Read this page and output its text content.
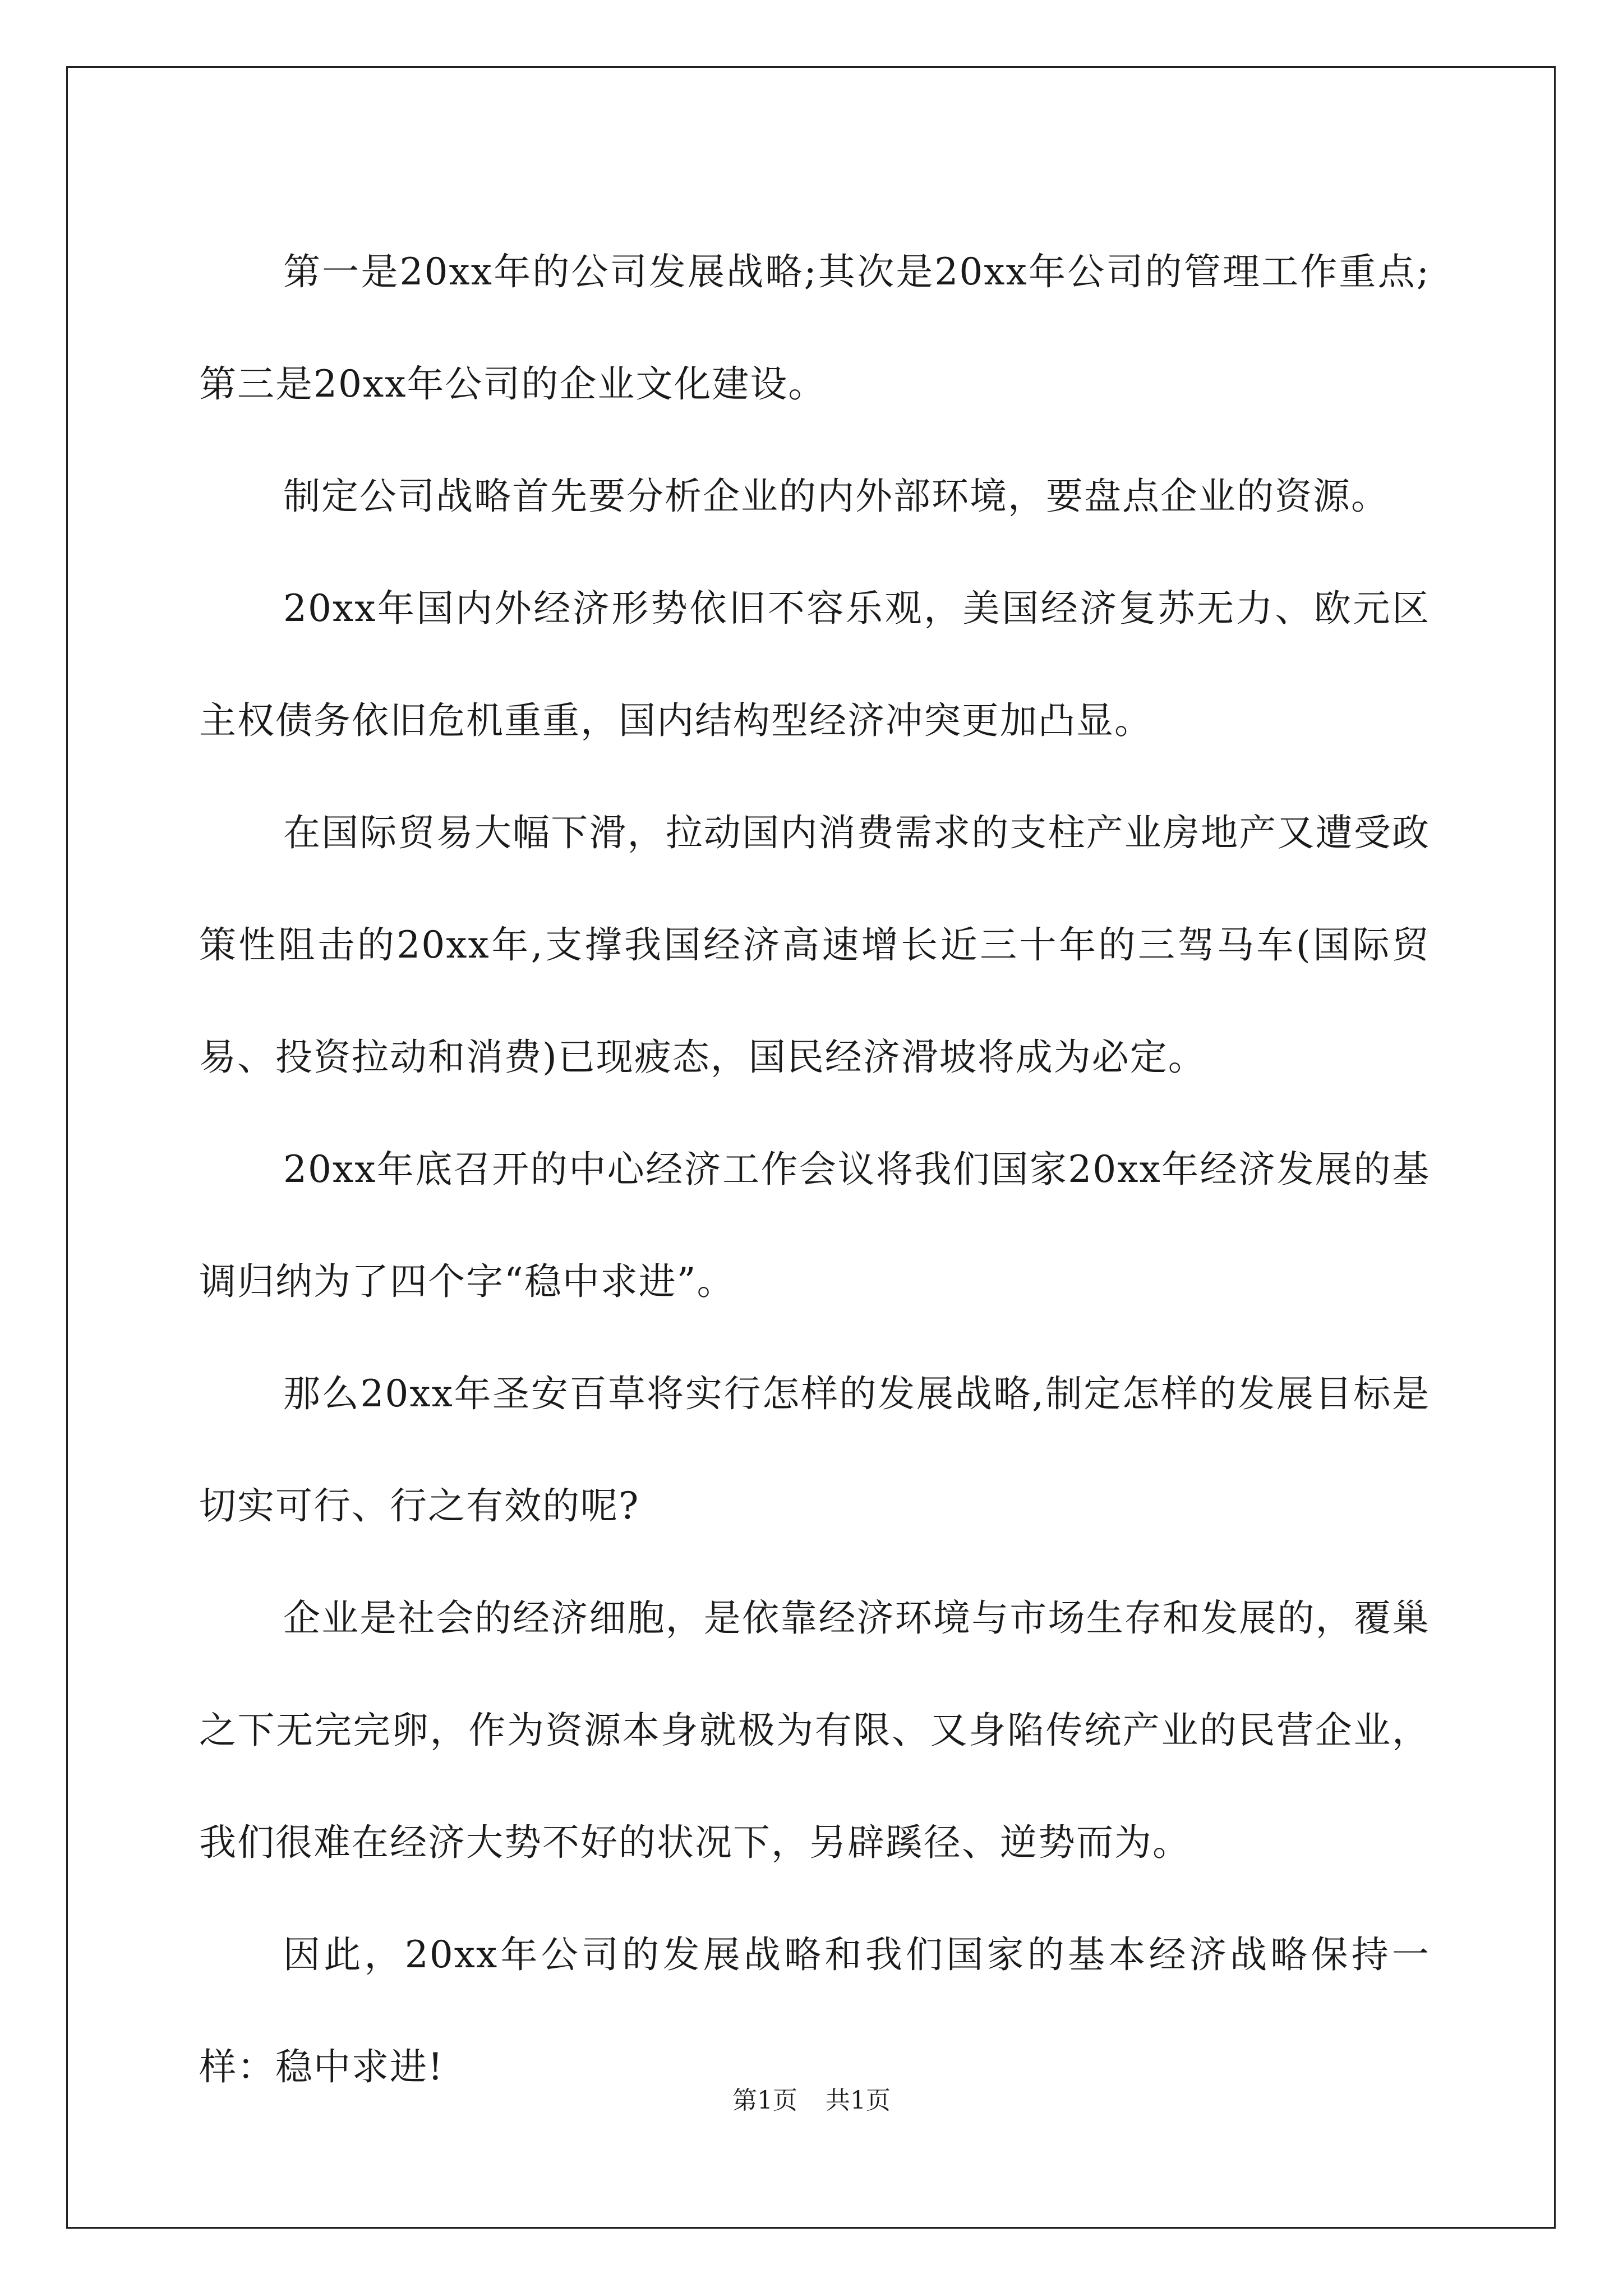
第一是20xx年的公司发展战略;其次是20xx年公司的管理工作重点;第三是20xx年公司的企业文化建设。

制定公司战略首先要分析企业的内外部环境，要盘点企业的资源。

20xx年国内外经济形势依旧不容乐观，美国经济复苏无力、欧元区主权债务依旧危机重重，国内结构型经济冲突更加凸显。

在国际贸易大幅下滑，拉动国内消费需求的支柱产业房地产又遭受政策性阻击的20xx年,支撑我国经济高速增长近三十年的三驾马车(国际贸易、投资拉动和消费)已现疲态，国民经济滑坡将成为必定。

20xx年底召开的中心经济工作会议将我们国家20xx年经济发展的基调归纳为了四个字“稳中求进”。

那么20xx年圣安百草将实行怎样的发展战略,制定怎样的发展目标是切实可行、行之有效的呢?

企业是社会的经济细胞，是依靠经济环境与市场生存和发展的，覆巢之下无完完卵，作为资源本身就极为有限、又身陷传统产业的民营企业，我们很难在经济大势不好的状况下，另辟蹊径、逆势而为。

因此，20xx年公司的发展战略和我们国家的基本经济战略保持一样：稳中求进!

第1页 共1页
